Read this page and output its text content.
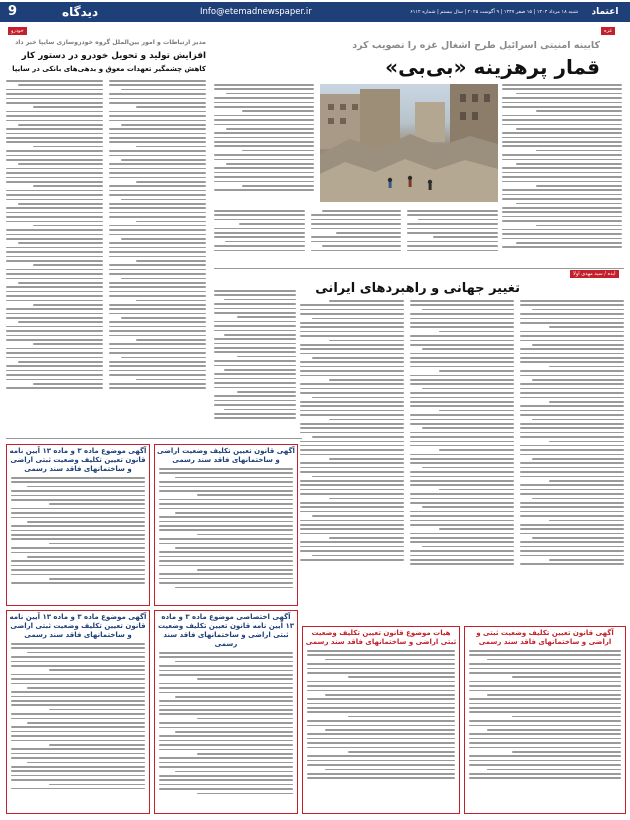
9	دیدگاه	Info@etemadnewspaper.ir	شنبه ۱۸ مرداد ۱۴۰۴ | ۱۵ صفر ۱۴۴۷ | ۹ آگوست ۲۰۲۵ | سال بیستم | شماره ۶۱۱۲	اعتماد
غزه
کابینه امنیتی اسرائیل طرح اشغال غزه را تصویب کرد
قمار پرهزینه «بی‌بی»
ایده / سید مهدی اولا
تغییر جهانی و راهبردهای ایرانی
خودرو
مدیر ارتباطات و امور بین‌الملل گروه خودروسازی سایپا خبر داد
افزایش تولید و تحویل خودرو در دستور کار
کاهش چشمگیر تعهدات معوق و بدهی‌های بانکی در سایپا
آگهی موضوع ماده ۳ و ماده ۱۳ آیین نامه قانون تعیین تکلیف وضعیت ثبتی اراضی و ساختمانهای فاقد سند رسمی
آگهی قانون تعیین تکلیف وضعیت اراضی و ساختمانهای فاقد سند رسمی
آگهی موضوع ماده ۳ و ماده ۱۳ آیین نامه قانون تعیین تکلیف وضعیت ثبتی اراضی و ساختمانهای فاقد سند رسمی
آگهی اختصاصی موضوع ماده ۳ و ماده ۱۳ آیین نامه قانون تعیین تکلیف وضعیت ثبتی اراضی و ساختمانهای فاقد سند رسمی
هیات موضوع قانون تعیین تکلیف وضعیت ثبتی اراضی و ساختمانهای فاقد سند رسمی
آگهی قانون تعیین تکلیف وضعیت ثبتی و اراضی و ساختمانهای فاقد سند رسمی
